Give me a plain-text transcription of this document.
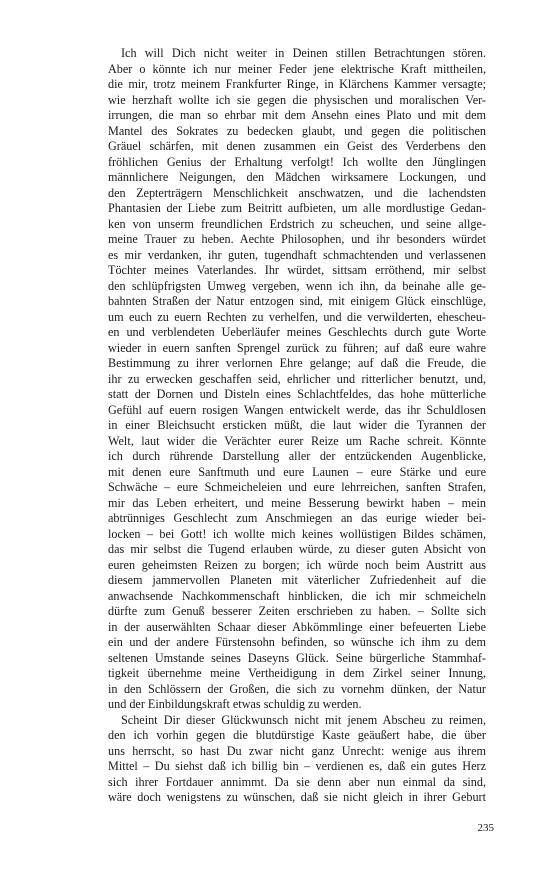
Ich will Dich nicht weiter in Deinen stillen Betrachtungen stören.
Aber o könnte ich nur meiner Feder jene elektrische Kraft mittheilen,
die mir, trotz meinem Frankfurter Ringe, in Klärchens Kammer versagte;
wie herzhaft wollte ich sie gegen die physischen und moralischen Ver-
irrungen, die man so ehrbar mit dem Ansehn eines Plato und mit dem
Mantel des Sokrates zu bedecken glaubt, und gegen die politischen
Gräuel schärfen, mit denen zusammen ein Geist des Verderbens den
fröhlichen Genius der Erhaltung verfolgt! Ich wollte den Jünglingen
männlichere Neigungen, den Mädchen wirksamere Lockungen, und
den Zepterträgern Menschlichkeit anschwatzen, und die lachendsten
Phantasien der Liebe zum Beitritt aufbieten, um alle mordlustige Gedan-
ken von unserm freundlichen Erdstrich zu scheuchen, und seine allge-
meine Trauer zu heben. Aechte Philosophen, und ihr besonders würdet
es mir verdanken, ihr guten, tugendhaft schmachtenden und verlassenen
Töchter meines Vaterlandes. Ihr würdet, sittsam erröthend, mir selbst
den schlüpfrigsten Umweg vergeben, wenn ich ihn, da beinahe alle ge-
bahnten Straßen der Natur entzogen sind, mit einigem Glück einschlüge,
um euch zu euern Rechten zu verhelfen, und die verwilderten, ehescheu-
en und verblendeten Ueberläufer meines Geschlechts durch gute Worte
wieder in euern sanften Sprengel zurück zu führen; auf daß eure wahre
Bestimmung zu ihrer verlornen Ehre gelange; auf daß die Freude, die
ihr zu erwecken geschaffen seid, ehrlicher und ritterlicher benutzt, und,
statt der Dornen und Disteln eines Schlachtfeldes, das hohe mütterliche
Gefühl auf euern rosigen Wangen entwickelt werde, das ihr Schuldlosen
in einer Bleichsucht ersticken müßt, die laut wider die Tyrannen der
Welt, laut wider die Verächter eurer Reize um Rache schreit. Könnte
ich durch rührende Darstellung aller der entzückenden Augenblicke,
mit denen eure Sanftmuth und eure Launen – eure Stärke und eure
Schwäche – eure Schmeicheleien und eure lehrreichen, sanften Strafen,
mir das Leben erheitert, und meine Besserung bewirkt haben – mein
abtrünniges Geschlecht zum Anschmiegen an das eurige wieder bei-
locken – bei Gott! ich wollte mich keines wollüstigen Bildes schämen,
das mir selbst die Tugend erlauben würde, zu dieser guten Absicht von
euren geheimsten Reizen zu borgen; ich würde noch beim Austritt aus
diesem jammervollen Planeten mit väterlicher Zufriedenheit auf die
anwachsende Nachkommenschaft hinblicken, die ich mir schmeicheln
dürfte zum Genuß besserer Zeiten erschrieben zu haben. – Sollte sich
in der auserwählten Schaar dieser Abkömmlinge einer befeuerten Liebe
ein und der andere Fürstensohn befinden, so wünsche ich ihm zu dem
seltenen Umstande seines Daseyns Glück. Seine bürgerliche Stammhaf-
tigkeit übernehme meine Vertheidigung in dem Zirkel seiner Innung,
in den Schlössern der Großen, die sich zu vornehm dünken, der Natur
und der Einbildungskraft etwas schuldig zu werden.
Scheint Dir dieser Glückwunsch nicht mit jenem Abscheu zu reimen,
den ich vorhin gegen die blutdürstige Kaste geäußert habe, die über
uns herrscht, so hast Du zwar nicht ganz Unrecht: wenige aus ihrem
Mittel – Du siehst daß ich billig bin – verdienen es, daß ein gutes Herz
sich ihrer Fortdauer annimmt. Da sie denn aber nun einmal da sind,
wäre doch wenigstens zu wünschen, daß sie nicht gleich in ihrer Geburt
235
